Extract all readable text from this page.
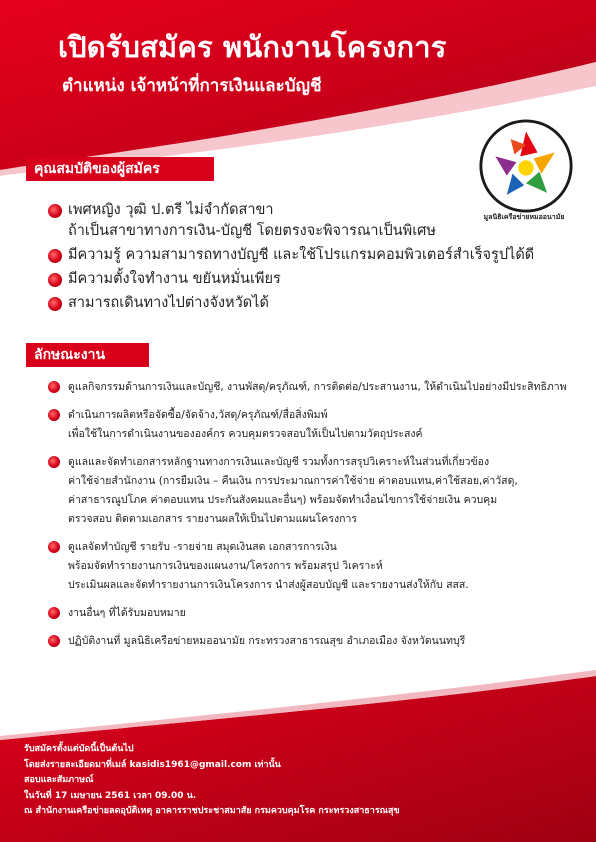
เปิดรับสมัคร พนักงานโครงการ
ตำแหน่ง เจ้าหน้าที่การเงินและบัญชี
มูลนิธิเครือข่ายหมออนามัย
คุณสมบัติของผู้สมัคร
เพศหญิง วุฒิ ป.ตรี ไม่จำกัดสาขา
ถ้าเป็นสาขาทางการเงิน-บัญชี โดยตรงจะพิจารณาเป็นพิเศษ
มีความรู้ ความสามารถทางบัญชี และใช้โปรแกรมคอมพิวเตอร์สำเร็จรูปได้ดี
มีความตั้งใจทำงาน ขยันหมั่นเพียร
สามารถเดินทางไปต่างจังหวัดได้
ลักษณะงาน
ดูแลกิจกรรมด้านการเงินและบัญชี, งานพัสดุ/ครุภัณฑ์, การติดต่อ/ประสานงาน, ให้ดำเนินไปอย่างมีประสิทธิภาพ
ดำเนินการผลิตหรือจัดซื้อ/จัดจ้าง,วัสดุ/ครุภัณฑ์/สื่อสิ่งพิมพ์
เพื่อใช้ในการดำเนินงานขององค์กร ควบคุมตรวจสอบให้เป็นไปตามวัตถุประสงค์
ดูแลและจัดทำเอกสารหลักฐานทางการเงินและบัญชี รวมทั้งการสรุปวิเคราะห์ในส่วนที่เกี่ยวข้อง
ค่าใช้จ่ายสำนักงาน (การยืมเงิน – คืนเงิน การประมาณการค่าใช้จ่าย ค่าตอบแทน,ค่าใช้สอย,ค่าวัสดุ,
ค่าสาธารณูปโภค ค่าตอบแทน ประกันสังคมและอื่นๆ) พร้อมจัดทำเงื่อนไขการใช้จ่ายเงิน ควบคุม
ตรวจสอบ ติดตามเอกสาร รายงานผลให้เป็นไปตามแผนโครงการ
ดูแลจัดทำบัญชี รายรับ -รายจ่าย สมุดเงินสด เอกสารการเงิน
พร้อมจัดทำรายงานการเงินของแผนงาน/โครงการ พร้อมสรุป วิเคราะห์
ประเมินผลและจัดทำรายงานการเงินโครงการ นำส่งผู้สอบบัญชี และรายงานส่งให้กับ สสส.
งานอื่นๆ ที่ได้รับมอบหมาย
ปฏิบัติงานที่ มูลนิธิเครือข่ายหมออนามัย กระทรวงสาธารณสุข อำเภอเมือง จังหวัดนนทบุรี
รับสมัครตั้งแต่บัดนี้เป็นต้นไป
โดยส่งรายละเอียดมาที่เมล์ kasidis1961@gmail.com เท่านั้น
สอบและสัมภาษณ์
ในวันที่ 17 เมษายน 2561 เวลา 09.00 น.
ณ สำนักงานเครือข่ายลดอุบัติเหตุ อาคารราชประชาสมาสัย กรมควบคุมโรค กระทรวงสาธารณสุข
